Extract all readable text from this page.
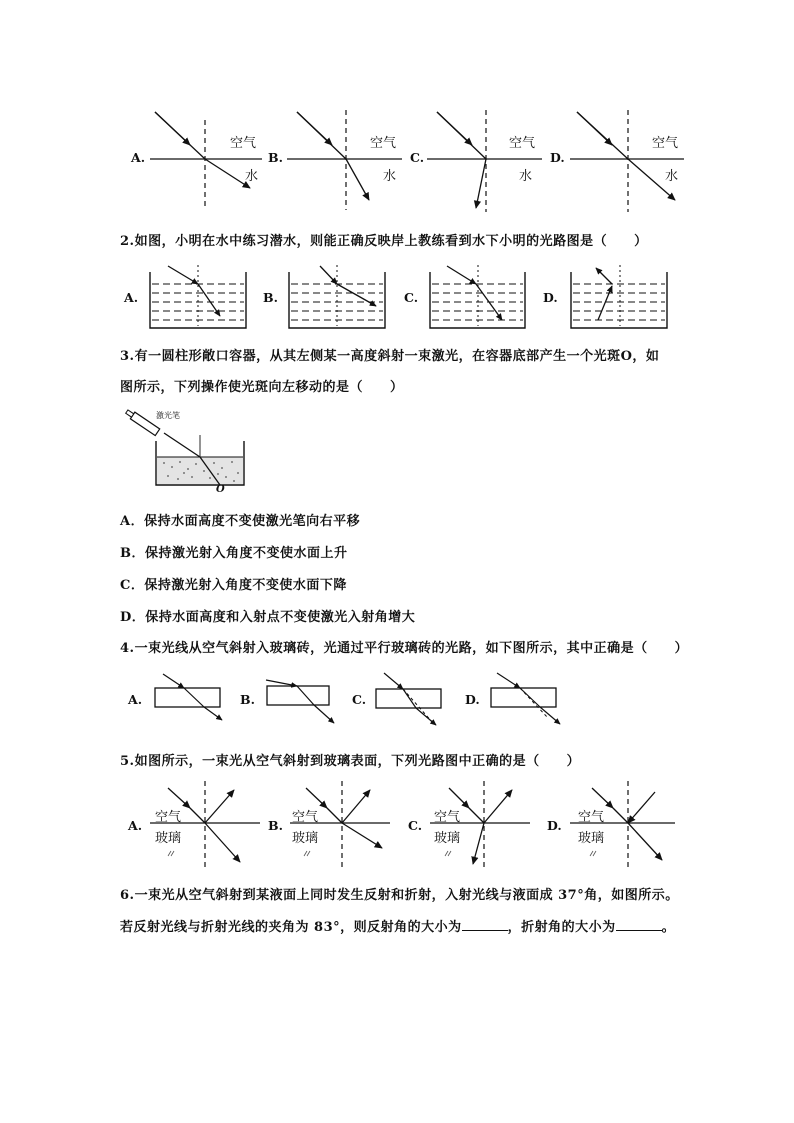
A.	B.	C.	D.
空气
水
空气
水
空气
水
空气
水
2.如图，小明在水中练习潜水，则能正确反映岸上教练看到水下小明的光路图是（　　）
A.	B.	C.	D.
3.有一圆柱形敞口容器，从其左侧某一高度斜射一束激光，在容器底部产生一个光斑O，如
图所示，下列操作使光斑向左移动的是（　　）
激光笔
O
A．保持水面高度不变使激光笔向右平移
B．保持激光射入角度不变使水面上升
C．保持激光射入角度不变使水面下降
D．保持水面高度和入射点不变使激光入射角增大
4.一束光线从空气斜射入玻璃砖，光通过平行玻璃砖的光路，如下图所示，其中正确是（　　）
A.	B.	C.	D.
5.如图所示，一束光从空气斜射到玻璃表面，下列光路图中正确的是（　　）
A.	B.	C.	D.
空气
玻璃
空气
玻璃
空气
玻璃
空气
玻璃
6.一束光从空气斜射到某液面上同时发生反射和折射，入射光线与液面成 37°角，如图所示。
若反射光线与折射光线的夹角为 83°，则反射角的大小为	，折射角的大小为	。
